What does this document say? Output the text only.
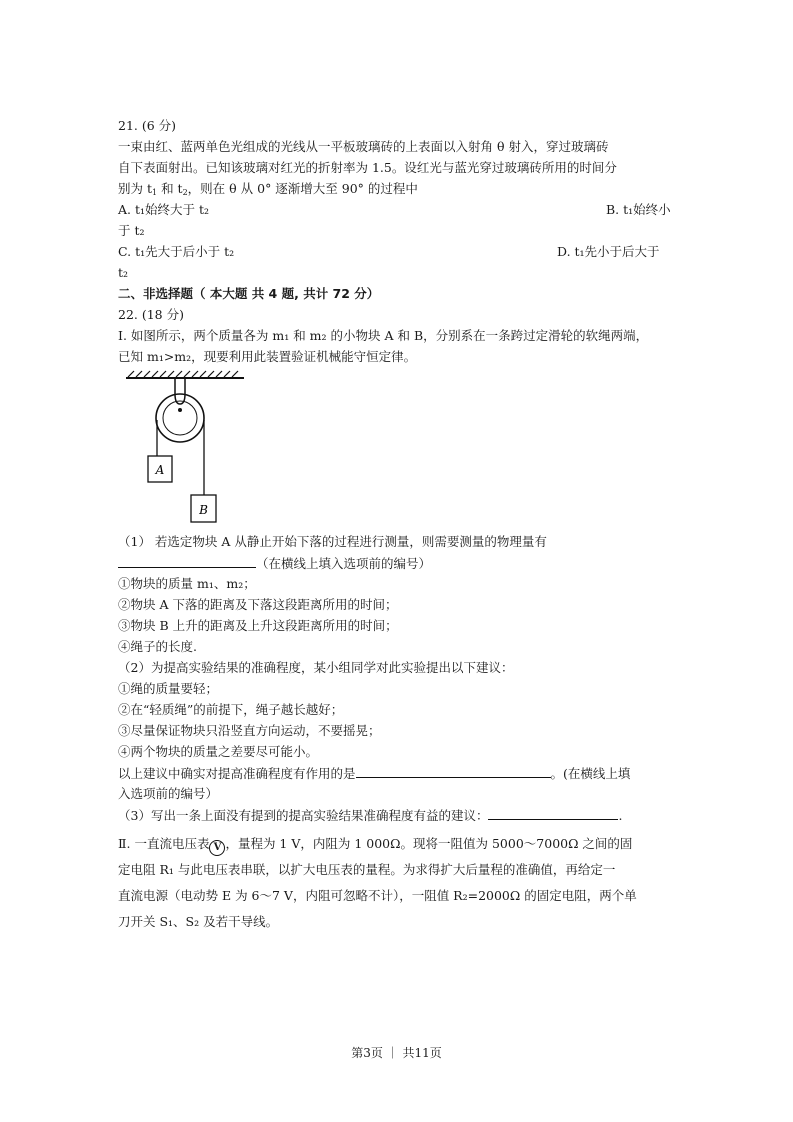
21. (6 分)
一束由红、蓝两单色光组成的光线从一平板玻璃砖的上表面以入射角 θ 射入，穿过玻璃砖
自下表面射出。已知该玻璃对红光的折射率为 1.5。设红光与蓝光穿过玻璃砖所用的时间分
别为 $t_1$ 和 $t_2$，则在 θ 从 0° 逐渐增大至 90° 的过程中
A. t₁始终大于 t₂	B. t₁始终小
于 t₂
C. t₁先大于后小于 t₂	D. t₁先小于后大于
t₂
二、非选择题（ 本大题 共 4 题, 共计 72 分）
22. (18 分)
Ⅰ. 如图所示，两个质量各为 m₁ 和 m₂ 的小物块 A 和 B，分别系在一条跨过定滑轮的软绳两端，
已知 m₁>m₂，现要利用此装置验证机械能守恒定律。
A
B
（1） 若选定物块 A 从静止开始下落的过程进行测量，则需要测量的物理量有
（在横线上填入选项前的编号）
①物块的质量 m₁、m₂；
②物块 A 下落的距离及下落这段距离所用的时间；
③物块 B 上升的距离及上升这段距离所用的时间；
④绳子的长度.
（2）为提高实验结果的准确程度，某小组同学对此实验提出以下建议：
①绳的质量要轻；
②在“轻质绳”的前提下，绳子越长越好；
③尽量保证物块只沿竖直方向运动，不要摇晃；
④两个物块的质量之差要尽可能小。
以上建议中确实对提高准确程度有作用的是	。(在横线上填
入选项前的编号）
（3）写出一条上面没有提到的提高实验结果准确程度有益的建议：	.
Ⅱ. 一直流电压表 V ，量程为 1 V，内阻为 1 000Ω。现将一阻值为 5000～7000Ω 之间的固
定电阻 R₁ 与此电压表串联，以扩大电压表的量程。为求得扩大后量程的准确值，再给定一
直流电源（电动势 E 为 6～7 V，内阻可忽略不计），一阻值 R₂=2000Ω 的固定电阻，两个单
刀开关 S₁、S₂ 及若干导线。
第3页 ｜ 共11页
